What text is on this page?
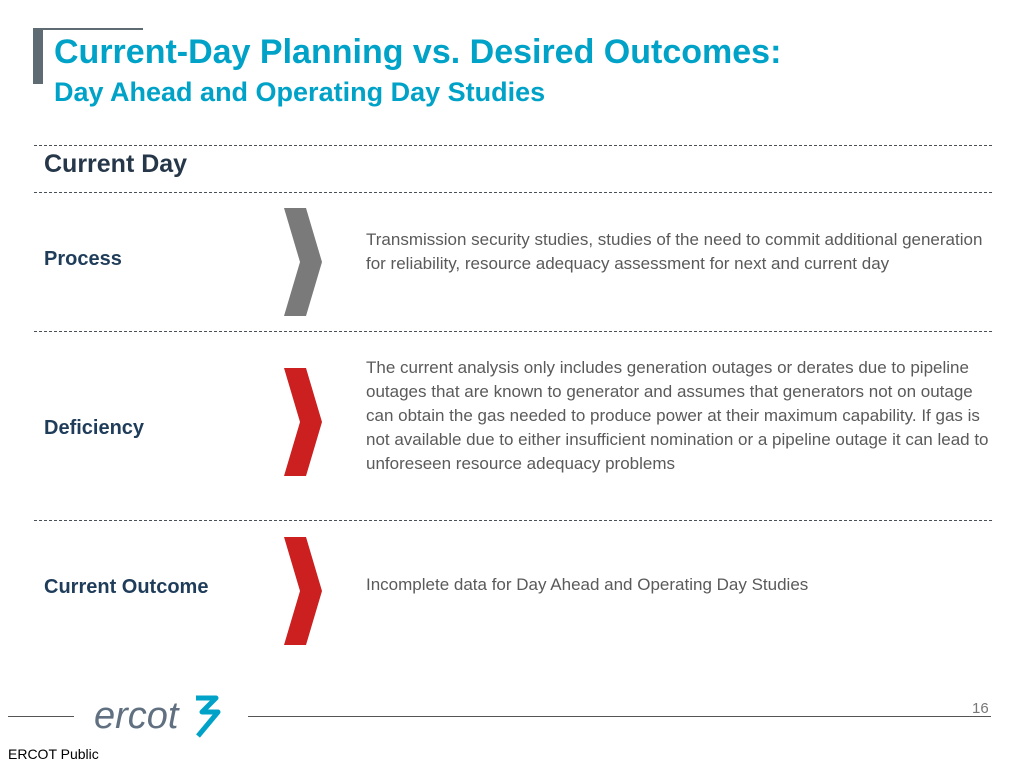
Current-Day Planning vs. Desired Outcomes:
Day Ahead and Operating Day Studies
Current Day
Process
Transmission security studies, studies of the need to commit additional generation for reliability, resource adequacy assessment for next and current day
Deficiency
The current analysis only includes generation outages or derates due to pipeline outages that are known to generator and assumes that generators not on outage can obtain the gas needed to produce power at their maximum capability. If gas is not available due to either insufficient nomination or a pipeline outage it can lead to unforeseen resource adequacy problems
Current Outcome	Incomplete data for Day Ahead and Operating Day Studies
ercot	16
ERCOT Public
